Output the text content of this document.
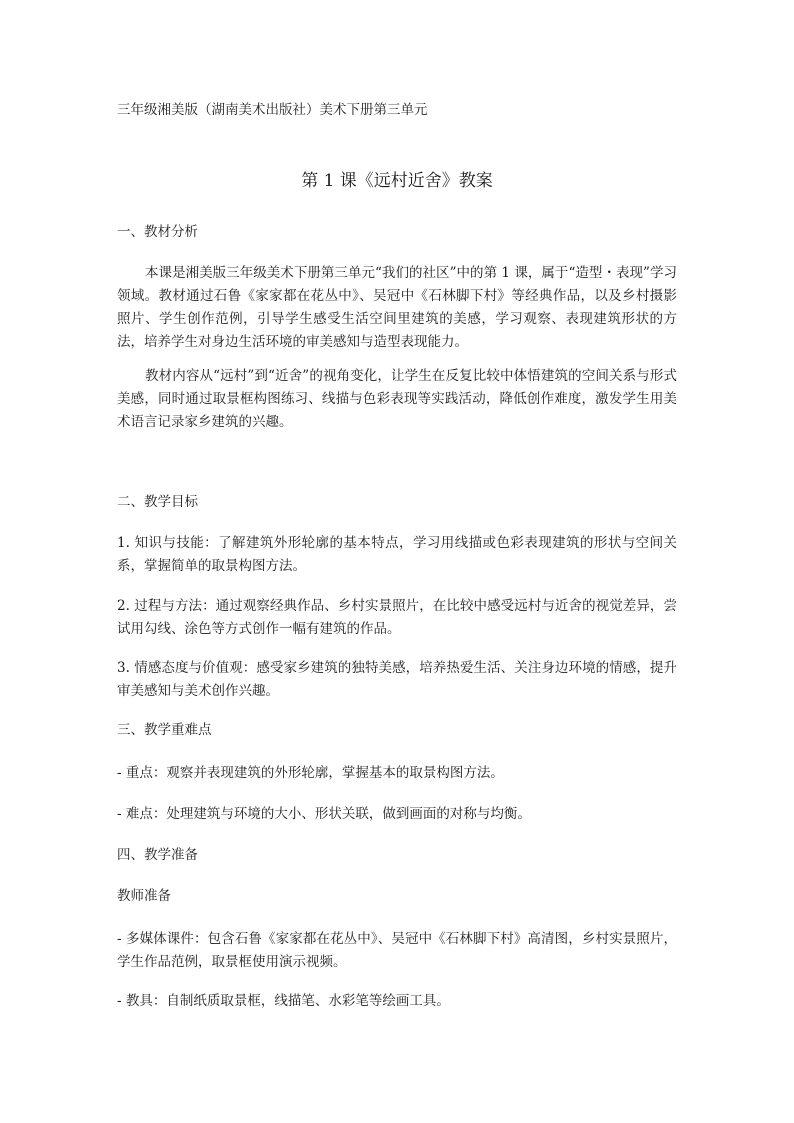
三年级湘美版（湖南美术出版社）美术下册第三单元
第 1 课《远村近舍》教案
一、教材分析
本课是湘美版三年级美术下册第三单元“我们的社区”中的第 1 课，属于“造型・表现”学习领域。教材通过石鲁《家家都在花丛中》、吴冠中《石林脚下村》等经典作品，以及乡村摄影照片、学生创作范例，引导学生感受生活空间里建筑的美感，学习观察、表现建筑形状的方法，培养学生对身边生活环境的审美感知与造型表现能力。
教材内容从“远村”到“近舍”的视角变化，让学生在反复比较中体悟建筑的空间关系与形式美感，同时通过取景框构图练习、线描与色彩表现等实践活动，降低创作难度，激发学生用美术语言记录家乡建筑的兴趣。
二、教学目标
1. 知识与技能：了解建筑外形轮廓的基本特点，学习用线描或色彩表现建筑的形状与空间关系，掌握简单的取景构图方法。
2. 过程与方法：通过观察经典作品、乡村实景照片，在比较中感受远村与近舍的视觉差异，尝试用勾线、涂色等方式创作一幅有建筑的作品。
3. 情感态度与价值观：感受家乡建筑的独特美感，培养热爱生活、关注身边环境的情感，提升审美感知与美术创作兴趣。
三、教学重难点
- 重点：观察并表现建筑的外形轮廓，掌握基本的取景构图方法。
- 难点：处理建筑与环境的大小、形状关联，做到画面的对称与均衡。
四、教学准备
教师准备
- 多媒体课件：包含石鲁《家家都在花丛中》、吴冠中《石林脚下村》高清图，乡村实景照片，学生作品范例，取景框使用演示视频。
- 教具：自制纸质取景框，线描笔、水彩笔等绘画工具。
